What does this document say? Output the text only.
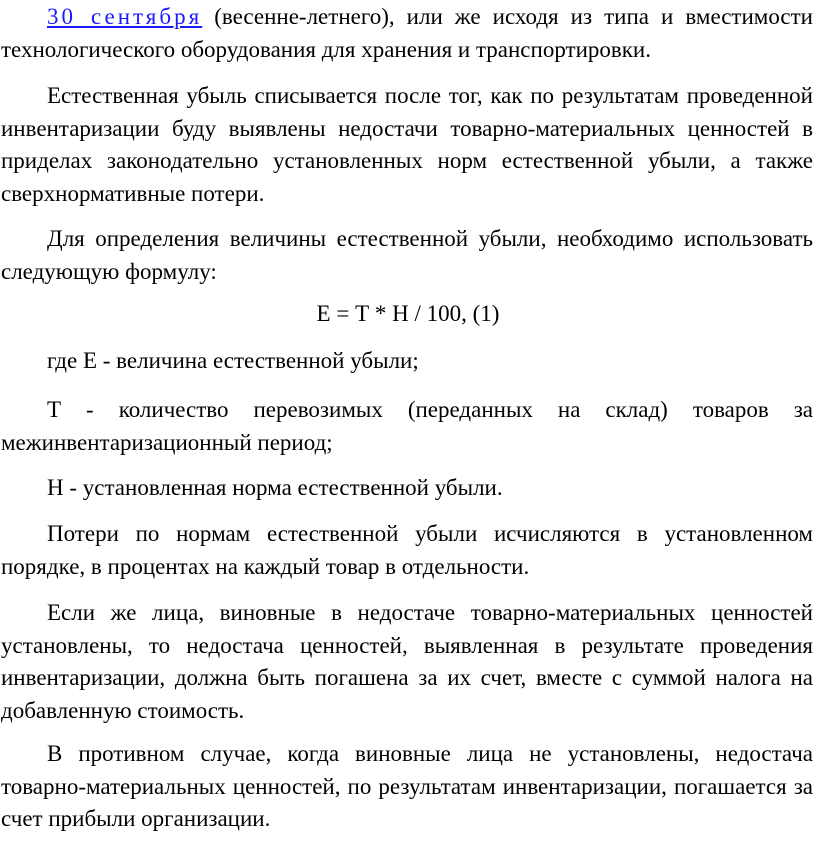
30 сентября (весенне-летнего), или же исходя из типа и вместимости технологического оборудования для хранения и транспортировки.

Естественная убыль списывается после тог, как по результатам проведенной инвентаризации буду выявлены недостачи товарно-материальных ценностей в приделах законодательно установленных норм естественной убыли, а также сверхнормативные потери.

Для определения величины естественной убыли, необходимо использовать следующую формулу:

Е = Т * Н / 100, (1)

где Е - величина естественной убыли;

Т - количество перевозимых (переданных на склад) товаров за межинвентаризационный период;

Н - установленная норма естественной убыли.

Потери по нормам естественной убыли исчисляются в установленном порядке, в процентах на каждый товар в отдельности.

Если же лица, виновные в недостаче товарно-материальных ценностей установлены, то недостача ценностей, выявленная в результате проведения инвентаризации, должна быть погашена за их счет, вместе с суммой налога на добавленную стоимость.

В противном случае, когда виновные лица не установлены, недостача товарно-материальных ценностей, по результатам инвентаризации, погашается за счет прибыли организации.
